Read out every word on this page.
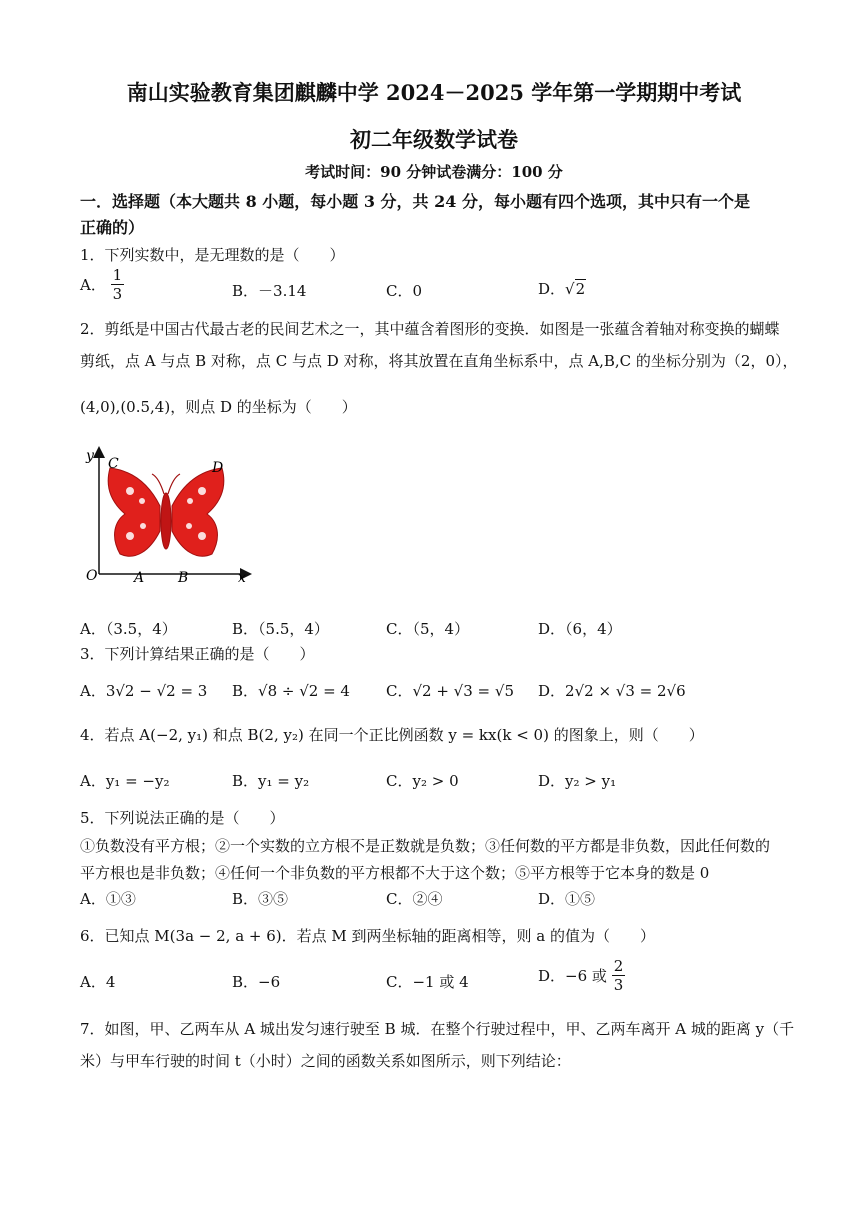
南山实验教育集团麒麟中学 2024－2025 学年第一学期期中考试
初二年级数学试卷
考试时间：90 分钟试卷满分：100 分
一．选择题（本大题共 8 小题，每小题 3 分，共 24 分，每小题有四个选项，其中只有一个是
正确的）
1．下列实数中，是无理数的是（　　）
A． $\frac{1}{3}$	B．－3.14	C．0	D．√2
2．剪纸是中国古代最古老的民间艺术之一，其中蕴含着图形的变换．如图是一张蕴含着轴对称变换的蝴蝶
剪纸，点 A 与点 B 对称，点 C 与点 D 对称，将其放置在直角坐标系中，点 A,B,C 的坐标分别为（2，0），
(4,0),(0.5,4)，则点 D 的坐标为（　　）
y C	D
O	A B	x
A．（3.5，4）	B．（5.5，4）	C．（5，4）	D．（6，4）
3．下列计算结果正确的是（　　）
A．3√2 − √2 = 3 B．√8 ÷ √2 = 4 C．√2 + √3 = √5 D．2√2 × √3 = 2√6
4．若点 A(−2, y₁) 和点 B(2, y₂) 在同一个正比例函数 y = kx(k < 0) 的图象上，则（　　）
A．y₁ = −y₂	B．y₁ = y₂	C．y₂ > 0	D．y₂ > y₁
5．下列说法正确的是（　　）
①负数没有平方根；②一个实数的立方根不是正数就是负数；③任何数的平方都是非负数，因此任何数的
平方根也是非负数；④任何一个非负数的平方根都不大于这个数；⑤平方根等于它本身的数是 0
A．①③	B．③⑤	C．②④	D．①⑤
6．已知点 M(3a − 2, a + 6)．若点 M 到两坐标轴的距离相等，则 a 的值为（　　）
A．4	B．−6	C．−1 或 4	D．−6 或 $\frac{2}{3}$
7．如图，甲、乙两车从 A 城出发匀速行驶至 B 城．在整个行驶过程中，甲、乙两车离开 A 城的距离 y（千
米）与甲车行驶的时间 t（小时）之间的函数关系如图所示，则下列结论：
